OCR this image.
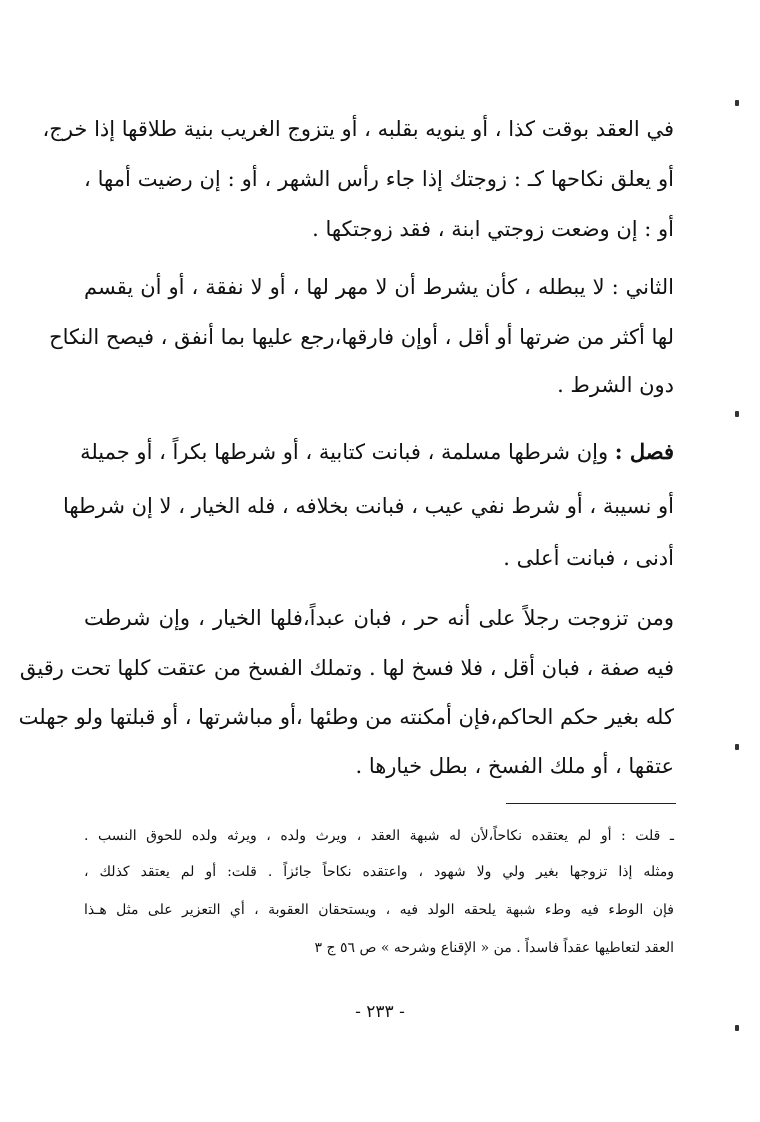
في العقد بوقت كذا ، أو ينويه بقلبه ، أو يتزوج الغريب بنية طلاقها إذا خرج،
أو يعلق نكاحها كـ : زوجتك إذا جاء رأس الشهر ، أو : إن رضيت أمها ،
أو : إن وضعت زوجتي ابنة ، فقد زوجتكها .
الثاني : لا يبطله ، كأن يشرط أن لا مهر لها ، أو لا نفقة ، أو أن يقسم
لها أكثر من ضرتها أو أقل ، أوإن فارقها،رجع عليها بما أنفق ، فيصح النكاح
دون الشرط .
فصل : وإن شرطها مسلمة ، فبانت كتابية ، أو شرطها بكراً ، أو جميلة
أو نسيبة ، أو شرط نفي عيب ، فبانت بخلافه ، فله الخيار ، لا إن شرطها
أدنى ، فبانت أعلى .
ومن تزوجت رجلاً على أنه حر ، فبان عبداً،فلها الخيار ، وإن شرطت
فيه صفة ، فبان أقل ، فلا فسخ لها . وتملك الفسخ من عتقت كلها تحت رقيق
كله بغير حكم الحاكم،فإن أمكنته من وطئها ،أو مباشرتها ، أو قبلتها ولو جهلت
عتقها ، أو ملك الفسخ ، بطل خيارها .
ـ قلت : أو لم يعتقده نكاحاً،لأن له شبهة العقد ، ويرث ولده ، ويرثه ولده للحوق النسب .
ومثله إذا تزوجها بغير ولي ولا شهود ، واعتقده نكاحاً جائزاً . قلت: أو لم يعتقد كذلك ،
فإن الوطء فيه وطء شبهة يلحقه الولد فيه ، ويستحقان العقوبة ، أي التعزير على مثل هـذا
العقد لتعاطيها عقداً فاسداً . من « الإقناع وشرحه » ص ٥٦ ج ٣
- ٢٣٣ -
